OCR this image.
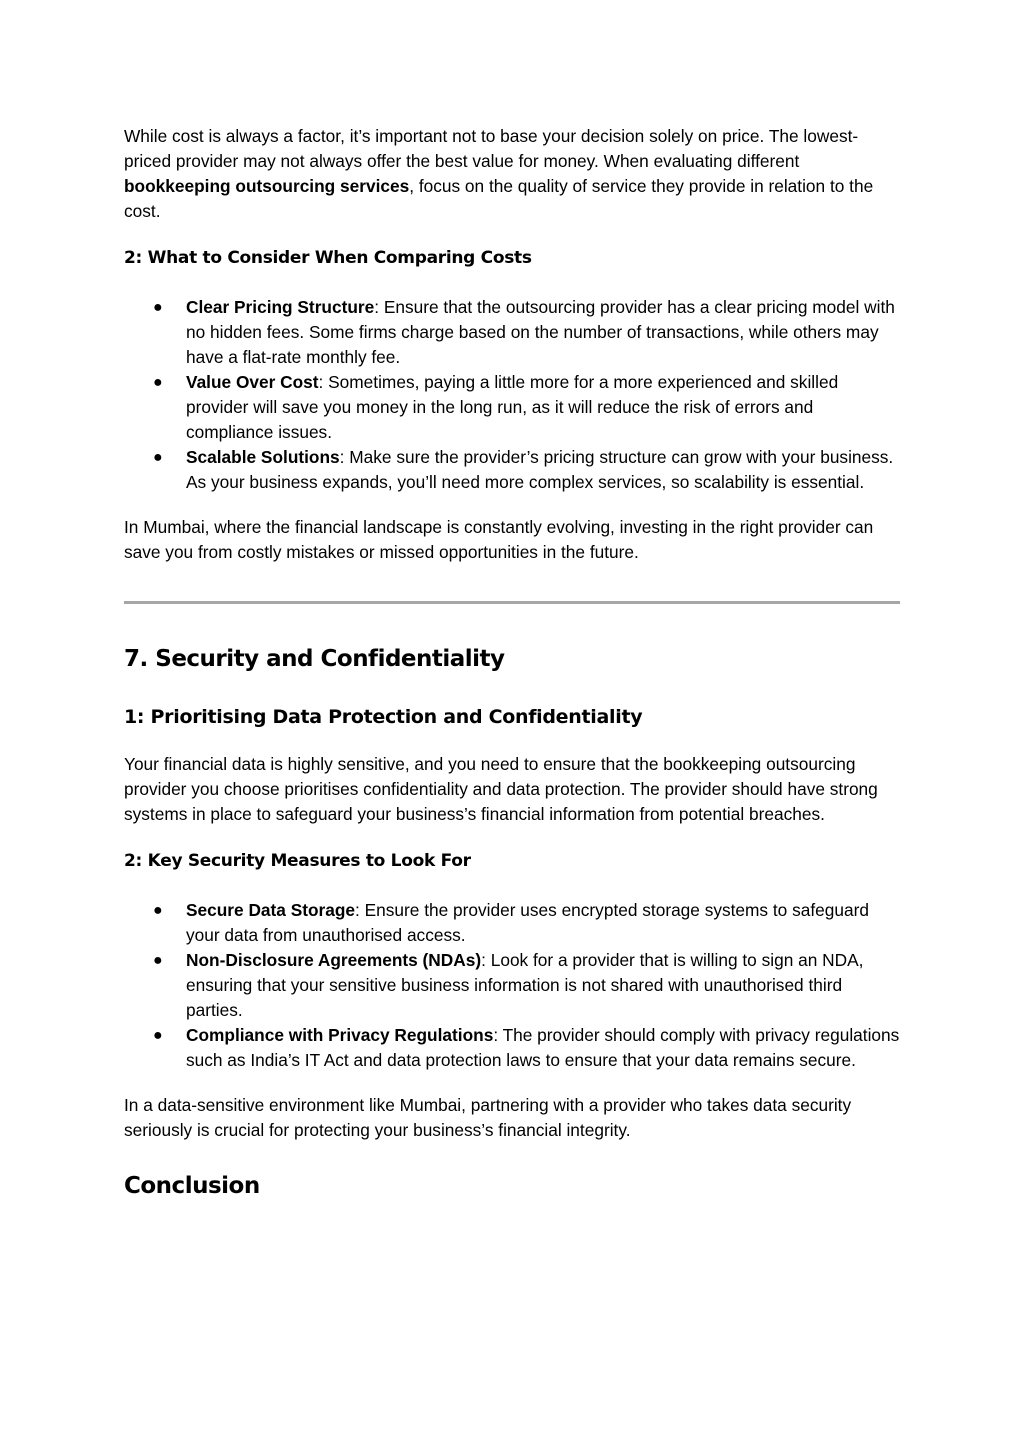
While cost is always a factor, it’s important not to base your decision solely on price. The lowest-priced provider may not always offer the best value for money. When evaluating different bookkeeping outsourcing services, focus on the quality of service they provide in relation to the cost.

2: What to Consider When Comparing Costs
● Clear Pricing Structure: Ensure that the outsourcing provider has a clear pricing model with no hidden fees. Some firms charge based on the number of transactions, while others may have a flat-rate monthly fee.
● Value Over Cost: Sometimes, paying a little more for a more experienced and skilled provider will save you money in the long run, as it will reduce the risk of errors and compliance issues.
● Scalable Solutions: Make sure the provider’s pricing structure can grow with your business. As your business expands, you’ll need more complex services, so scalability is essential.

In Mumbai, where the financial landscape is constantly evolving, investing in the right provider can save you from costly mistakes or missed opportunities in the future.

7. Security and Confidentiality
1: Prioritising Data Protection and Confidentiality

Your financial data is highly sensitive, and you need to ensure that the bookkeeping outsourcing provider you choose prioritises confidentiality and data protection. The provider should have strong systems in place to safeguard your business’s financial information from potential breaches.

2: Key Security Measures to Look For
● Secure Data Storage: Ensure the provider uses encrypted storage systems to safeguard your data from unauthorised access.
● Non-Disclosure Agreements (NDAs): Look for a provider that is willing to sign an NDA, ensuring that your sensitive business information is not shared with unauthorised third parties.
● Compliance with Privacy Regulations: The provider should comply with privacy regulations such as India’s IT Act and data protection laws to ensure that your data remains secure.

In a data-sensitive environment like Mumbai, partnering with a provider who takes data security seriously is crucial for protecting your business’s financial integrity.

Conclusion
